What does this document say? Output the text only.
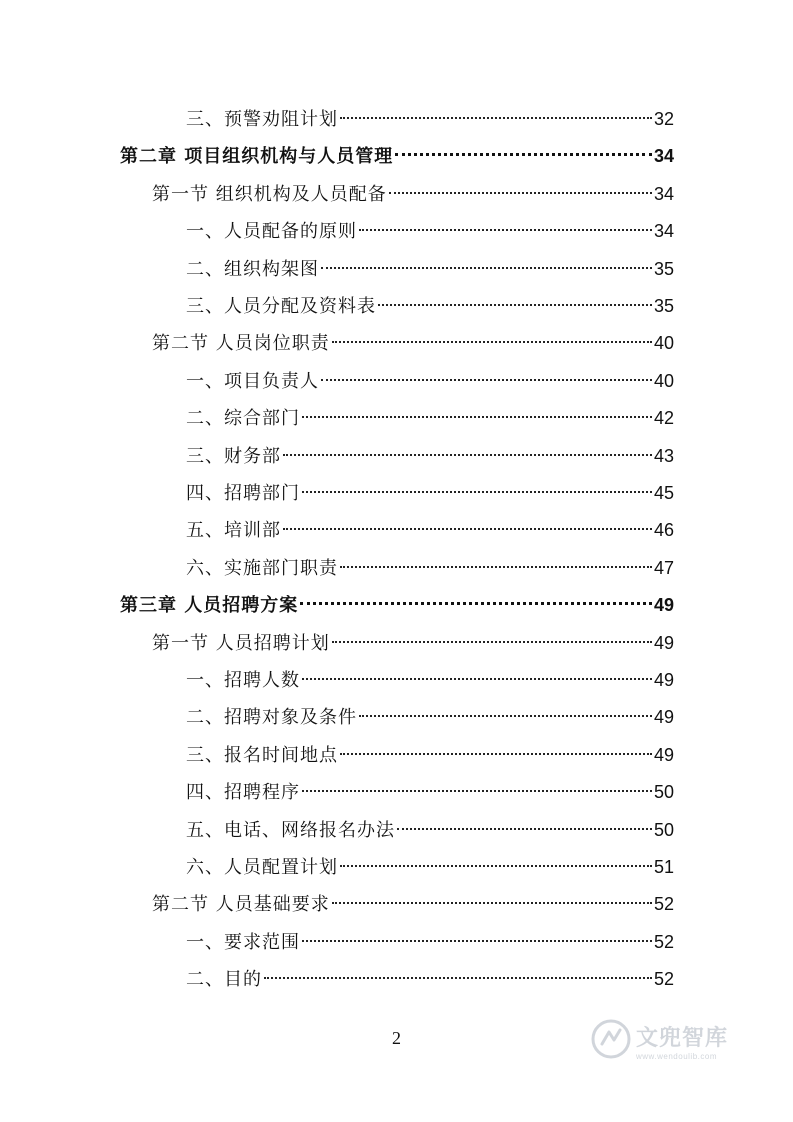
三、预警劝阻计划	32
第二章 项目组织机构与人员管理	34
第一节 组织机构及人员配备	34
一、人员配备的原则	34
二、组织构架图	35
三、人员分配及资料表	35
第二节 人员岗位职责	40
一、项目负责人	40
二、综合部门	42
三、财务部	43
四、招聘部门	45
五、培训部	46
六、实施部门职责	47
第三章 人员招聘方案	49
第一节 人员招聘计划	49
一、招聘人数	49
二、招聘对象及条件	49
三、报名时间地点	49
四、招聘程序	50
五、电话、网络报名办法	50
六、人员配置计划	51
第二节 人员基础要求	52
一、要求范围	52
二、目的	52
2	文兜智库
www.wendoulib.com
